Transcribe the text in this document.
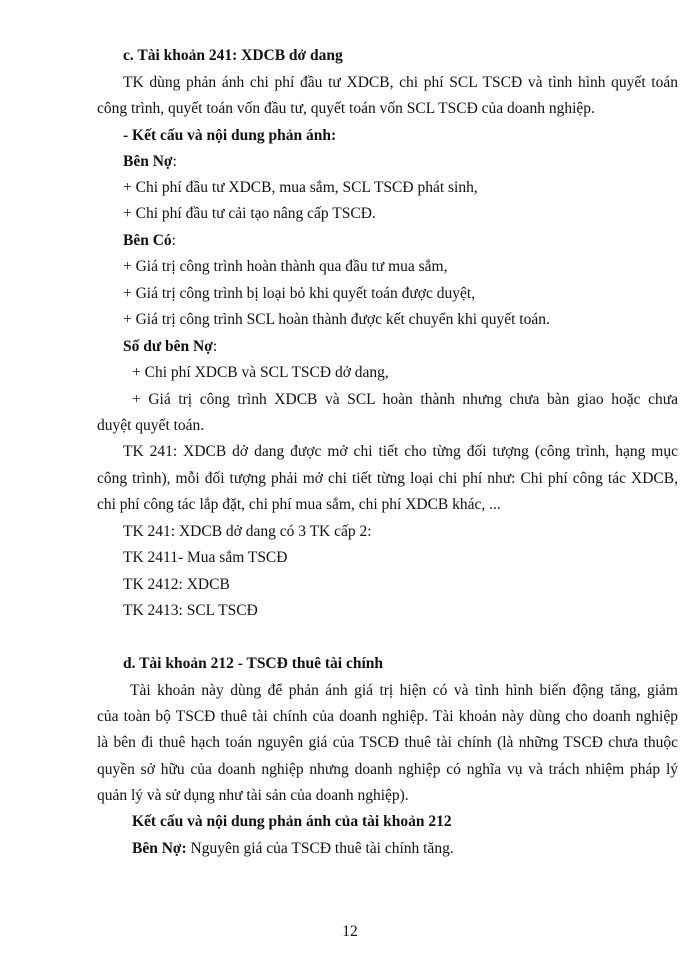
c. Tài khoản 241: XDCB dở dang
TK dùng phản ánh chi phí đầu tư XDCB, chi phí SCL TSCĐ và tình hình quyết toán
công trình, quyết toán vốn đầu tư, quyết toán vốn SCL TSCĐ của doanh nghiệp.
- Kết cấu và nội dung phản ánh:
Bên Nợ:
+ Chi phí đầu tư XDCB, mua sắm, SCL TSCĐ phát sinh,
+ Chi phí đầu tư cải tạo nâng cấp TSCĐ.
Bên Có:
+ Giá trị công trình hoàn thành qua đầu tư mua sắm,
+ Giá trị công trình bị loại bỏ khi quyết toán được duyệt,
+ Giá trị công trình SCL hoàn thành được kết chuyển khi quyết toán.
Số dư bên Nợ:
+ Chi phí XDCB và SCL TSCĐ dở dang,
+ Giá trị công trình XDCB và SCL hoàn thành nhưng chưa bàn giao hoặc chưa
duyệt quyết toán.
TK 241: XDCB dở dang được mở chi tiết cho từng đối tượng (công trình, hạng mục
công trình), mỗi đối tượng phải mở chi tiết từng loại chi phí như: Chi phí công tác XDCB,
chi phí công tác lắp đặt, chi phí mua sắm, chi phí XDCB khác, ...
TK 241: XDCB dở dang có 3 TK cấp 2:
TK 2411- Mua sắm TSCĐ
TK 2412: XDCB
TK 2413: SCL TSCĐ
d. Tài khoản 212 - TSCĐ thuê tài chính
Tài khoản này dùng để phản ánh giá trị hiện có và tình hình biến động tăng, giảm
của toàn bộ TSCĐ thuê tài chính của doanh nghiệp. Tài khoản này dùng cho doanh nghiệp
là bên đi thuê hạch toán nguyên giá của TSCĐ thuê tài chính (là những TSCĐ chưa thuộc
quyền sở hữu của doanh nghiệp nhưng doanh nghiệp có nghĩa vụ và trách nhiệm pháp lý
quản lý và sử dụng như tài sản của doanh nghiệp).
Kết cấu và nội dung phản ánh của tài khoản 212
Bên Nợ: Nguyên giá của TSCĐ thuê tài chính tăng.
12
